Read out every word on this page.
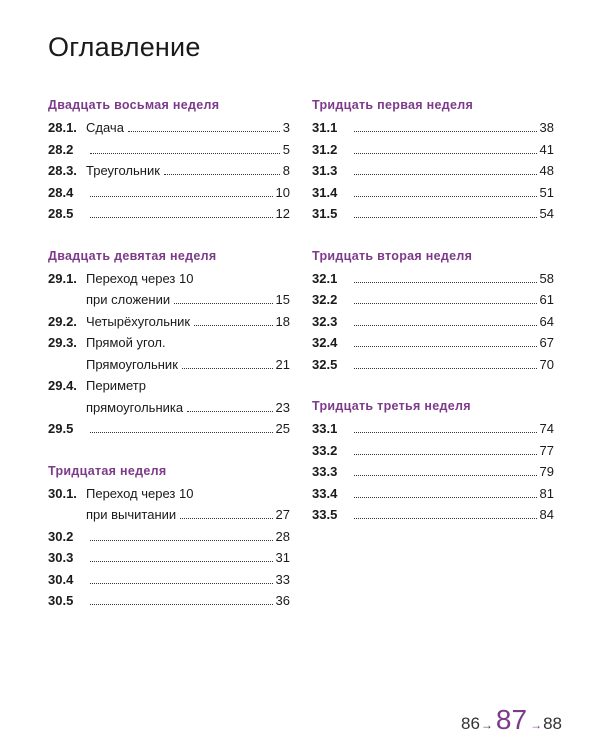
Оглавление
Двадцать восьмая неделя
28.1. Сдача	3
28.2	5
28.3. Треугольник	8
28.4	10
28.5	12
Двадцать девятая неделя
29.1. Переход через 10
при сложении	15
29.2. Четырёхугольник	18
29.3. Прямой угол.
Прямоугольник	21
29.4. Периметр
прямоугольника	23
29.5	25
Тридцатая неделя
30.1. Переход через 10
при вычитании	27
30.2	28
30.3	31
30.4	33
30.5	36
Тридцать первая неделя
31.1	38
31.2	41
31.3	48
31.4	51
31.5	54
Тридцать вторая неделя
32.1	58
32.2	61
32.3	64
32.4	67
32.5	70
Тридцать третья неделя
33.1	74
33.2	77
33.3	79
33.4	81
33.5	84
86 → 87 → 88
